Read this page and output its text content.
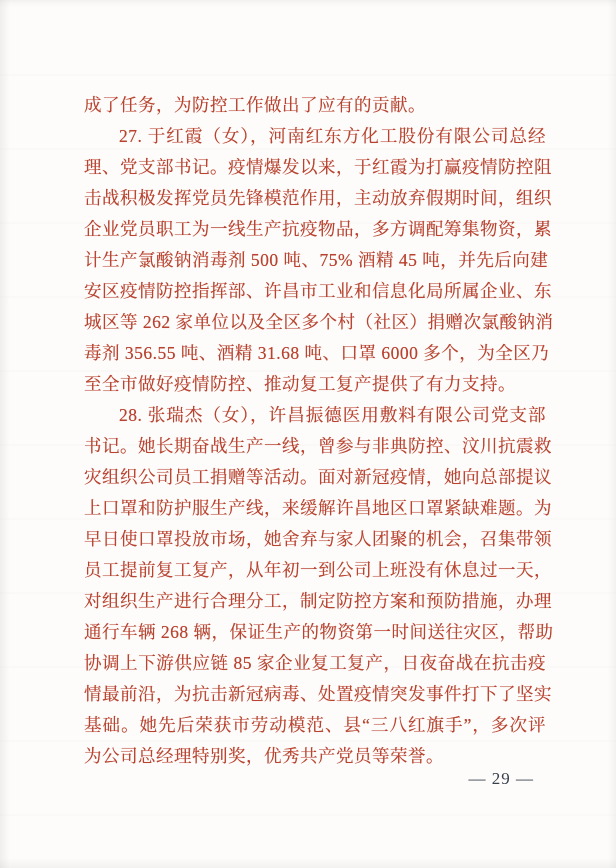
成了任务，为防控工作做出了应有的贡献。
27. 于红霞（女），河南红东方化工股份有限公司总经
理、党支部书记。疫情爆发以来，于红霞为打赢疫情防控阻
击战积极发挥党员先锋模范作用，主动放弃假期时间，组织
企业党员职工为一线生产抗疫物品，多方调配筹集物资，累
计生产氯酸钠消毒剂 500 吨、75% 酒精 45 吨，并先后向建
安区疫情防控指挥部、许昌市工业和信息化局所属企业、东
城区等 262 家单位以及全区多个村（社区）捐赠次氯酸钠消
毒剂 356.55 吨、酒精 31.68 吨、口罩 6000 多个，为全区乃
至全市做好疫情防控、推动复工复产提供了有力支持。
28. 张瑞杰（女），许昌振德医用敷料有限公司党支部
书记。她长期奋战生产一线，曾参与非典防控、汶川抗震救
灾组织公司员工捐赠等活动。面对新冠疫情，她向总部提议
上口罩和防护服生产线，来缓解许昌地区口罩紧缺难题。为
早日使口罩投放市场，她舍弃与家人团聚的机会，召集带领
员工提前复工复产，从年初一到公司上班没有休息过一天，
对组织生产进行合理分工，制定防控方案和预防措施，办理
通行车辆 268 辆，保证生产的物资第一时间送往灾区，帮助
协调上下游供应链 85 家企业复工复产，日夜奋战在抗击疫
情最前沿，为抗击新冠病毒、处置疫情突发事件打下了坚实
基础。她先后荣获市劳动模范、县“三八红旗手”，多次评
为公司总经理特别奖，优秀共产党员等荣誉。
— 29 —
